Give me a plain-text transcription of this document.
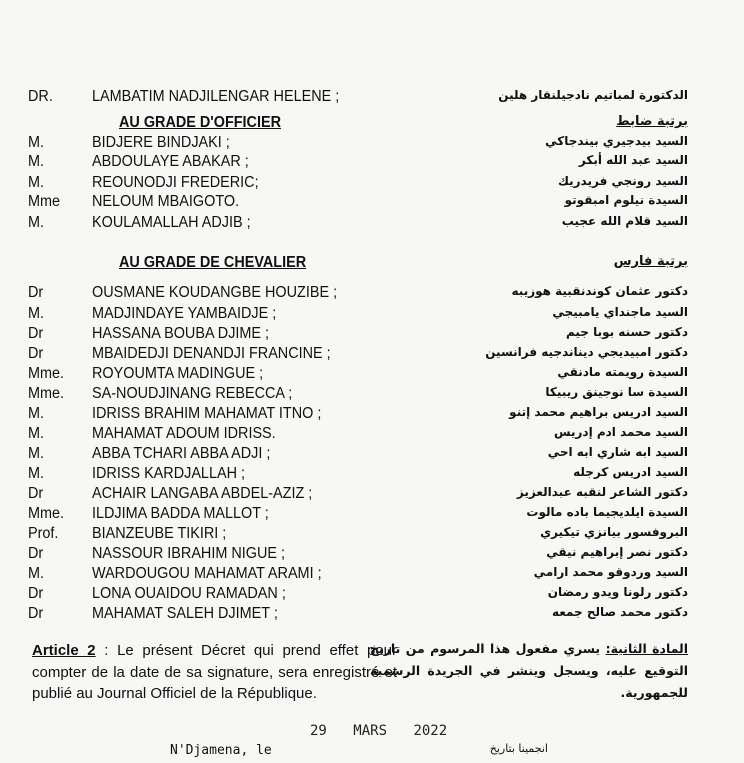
DR.	LAMBATIM NADJILENGAR HELENE ;	الدكتورة لمباتيم نادجيلنقار هلين
AU GRADE D'OFFICIER	برتبة ضابط
M.	BIDJERE BINDJAKI ;	السيد بيدجيري بيندجاكي
M.	ABDOULAYE ABAKAR ;	السيد عبد الله أبكر
M.	REOUNODJI FREDERIC;	السيد رونجي فريدريك
Mme NELOUM MBAIGOTO.	السيدة نيلوم امبقوتو
M.	KOULAMALLAH ADJIB ;	السيد قلام الله عجيب
AU GRADE DE CHEVALIER	برتبة فارس
Dr	OUSMANE KOUDANGBE HOUZIBE ;	دكتور عثمان كوندنقبية هوزيبه
M.	MADJINDAYE YAMBAIDJE ;	السيد ماجنداي يامبيجي
Dr	HASSANA BOUBA DJIME ;	دكتور حسنه بوبا جيم
Dr	MBAIDEDJI DENANDJI FRANCINE ;	دكتور امبيديجي ديناندجيه فرانسين
Mme. ROYOUMTA MADINGUE ;	السيدة رويمته مادنقي
Mme. SA-NOUDJINANG REBECCA ;	السيدة سا نوجينق ريبيكا
M.	IDRISS BRAHIM MAHAMAT ITNO ;	السيد ادريس براهيم محمد إتنو
M.	MAHAMAT ADOUM IDRISS.	السيد محمد ادم إدريس
M.	ABBA TCHARI ABBA ADJI ;	السيد ابه شاري ابه احي
M.	IDRISS KARDJALLAH ;	السيد ادريس كرجله
Dr	ACHAIR LANGABA ABDEL-AZIZ ;	دكتور الشاعر لنقبه عبدالعزيز
Mme. ILDJIMA BADDA MALLOT ;	السيدة ايلديجيما باده مالوت
Prof. BIANZEUBE TIKIRI ;	البروفسور بيانزي تيكيري
Dr	NASSOUR IBRAHIM NIGUE ;	دكتور نصر إبراهيم نيقي
M.	WARDOUGOU MAHAMAT ARAMI ;	السيد وردوقو محمد ارامي
Dr	LONA OUAIDOU RAMADAN ;	دكتور رلونا ويدو رمضان
Dr	MAHAMAT SALEH DJIMET ;	دكتور محمد صالح جمعه
Article 2 : Le présent Décret qui prend effet pour compter de la date de sa signature, sera enregistré et publié au Journal Officiel de la République.
المادة الثانية: يسري مفعول هذا المرسوم من تاريخ التوقيع عليه، ويسجل وينشر في الجريدة الرسمية للجمهورية.
29 MARS 2022
N'Djamena, le	انجمينا بتاريخ
